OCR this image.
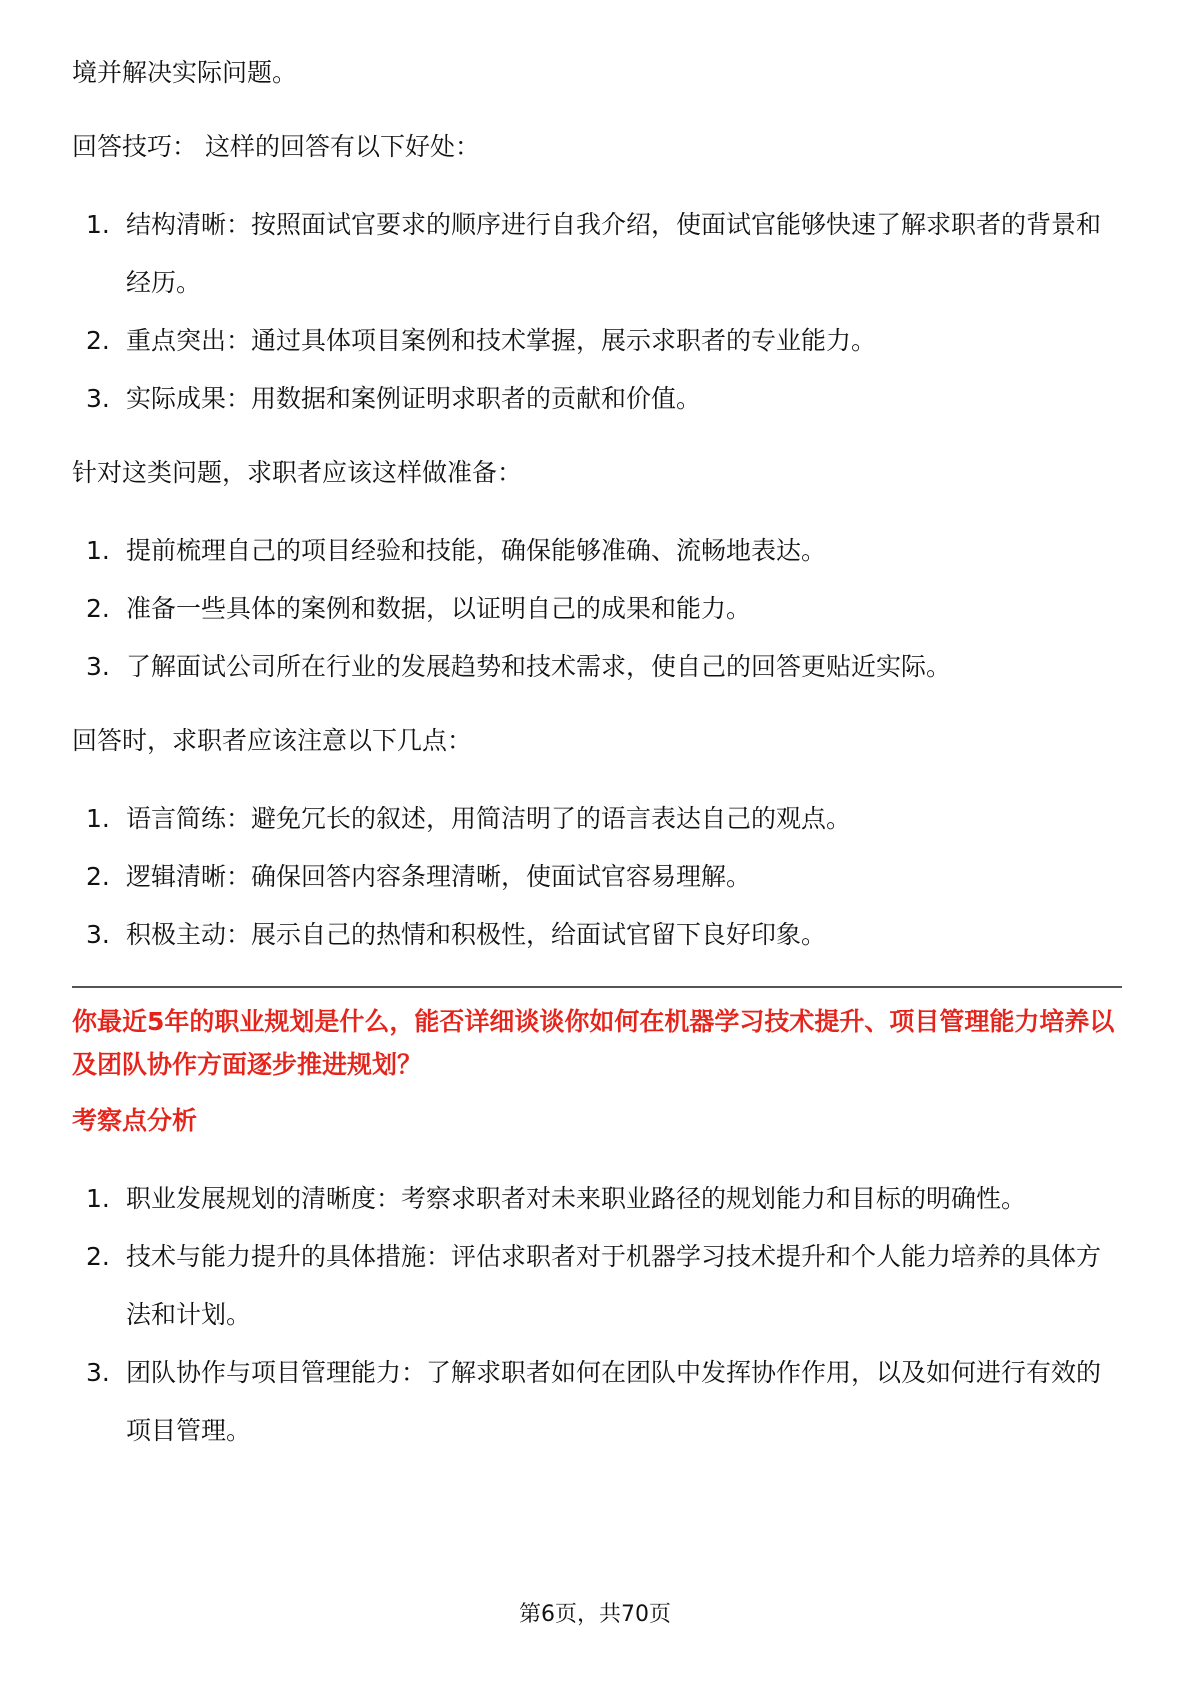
境并解决实际问题。

回答技巧： 这样的回答有以下好处：

1. 结构清晰：按照面试官要求的顺序进行自我介绍，使面试官能够快速了解求职者的背景和经历。
2. 重点突出：通过具体项目案例和技术掌握，展示求职者的专业能力。
3. 实际成果：用数据和案例证明求职者的贡献和价值。

针对这类问题，求职者应该这样做准备：

1. 提前梳理自己的项目经验和技能，确保能够准确、流畅地表达。
2. 准备一些具体的案例和数据，以证明自己的成果和能力。
3. 了解面试公司所在行业的发展趋势和技术需求，使自己的回答更贴近实际。

回答时，求职者应该注意以下几点：

1. 语言简练：避免冗长的叙述，用简洁明了的语言表达自己的观点。
2. 逻辑清晰：确保回答内容条理清晰，使面试官容易理解。
3. 积极主动：展示自己的热情和积极性，给面试官留下良好印象。

你最近5年的职业规划是什么，能否详细谈谈你如何在机器学习技术提升、项目管理能力培养以及团队协作方面逐步推进规划？

考察点分析

1. 职业发展规划的清晰度：考察求职者对未来职业路径的规划能力和目标的明确性。
2. 技术与能力提升的具体措施：评估求职者对于机器学习技术提升和个人能力培养的具体方法和计划。
3. 团队协作与项目管理能力：了解求职者如何在团队中发挥协作作用，以及如何进行有效的项目管理。
第6页，共70页
